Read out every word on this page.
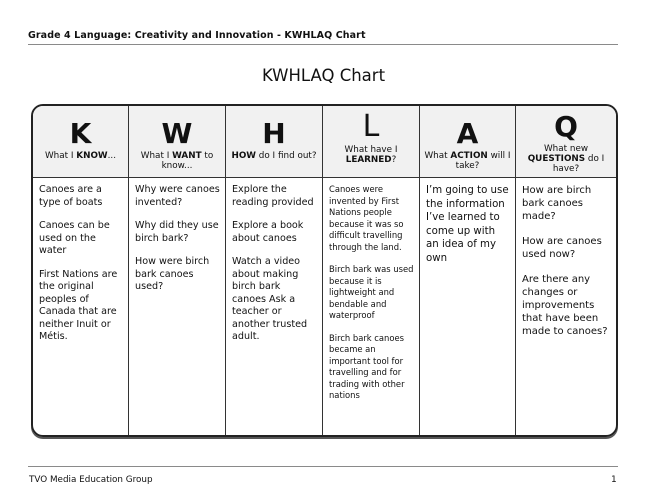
Grade 4 Language: Creativity and Innovation - KWHLAQ Chart
KWHLAQ Chart
K
What I KNOW...
Canoes are a type of boats
Canoes can be used on the water
First Nations are the original peoples of Canada that are neither Inuit or Métis.
W
What I WANT to know...
Why were canoes invented?
Why did they use birch bark?
How were birch bark canoes used?
H
HOW do I find out?
Explore the reading provided
Explore a book about canoes
Watch a video about making birch bark canoes Ask a teacher or another trusted adult.
L
What have I LEARNED?
Canoes were invented by First Nations people because it was so difficult travelling through the land.
Birch bark was used because it is lightweight and bendable and waterproof
Birch bark canoes became an important tool for travelling and for trading with other nations
A
What ACTION will I take?
I’m going to use the information I’ve learned to come up with an idea of my own
Q
What new QUESTIONS do I have?
How are birch bark canoes made?
How are canoes used now?
Are there any changes or improvements that have been made to canoes?
TVO Media Education Group	1
